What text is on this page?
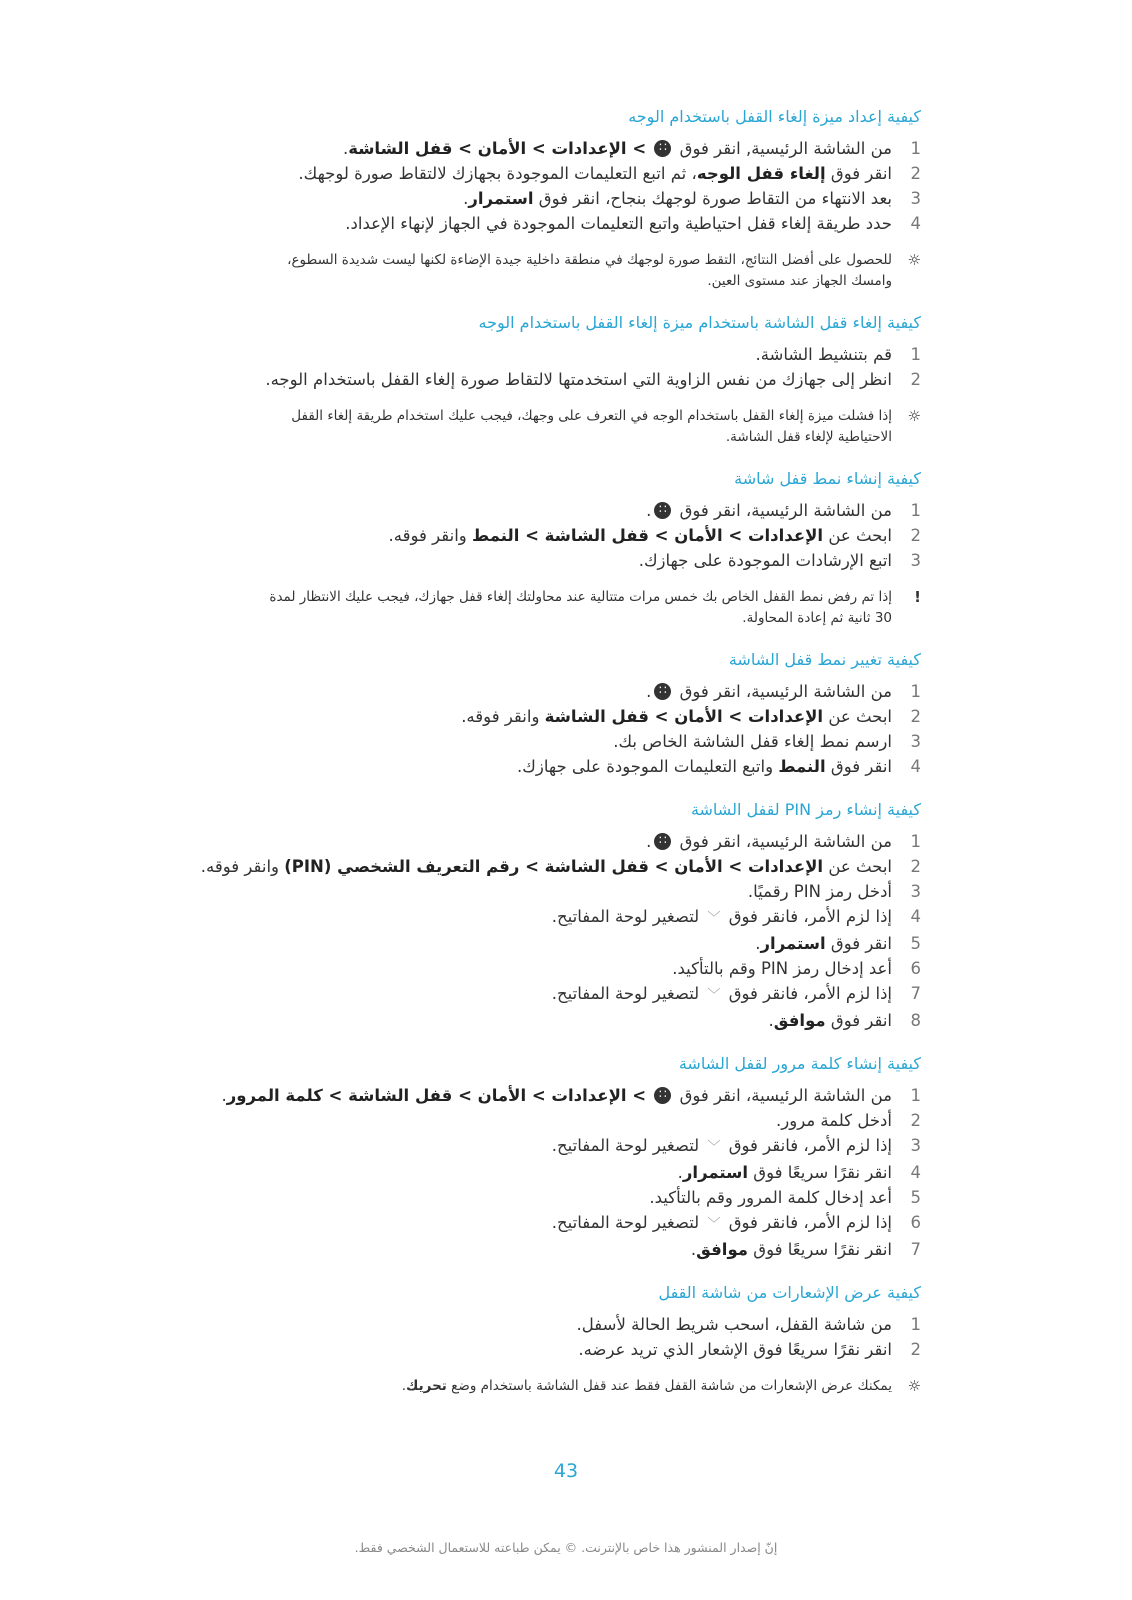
كيفية إعداد ميزة إلغاء القفل باستخدام الوجه
1
من الشاشة الرئيسية, انقر فوق ∷ > الإعدادات > الأمان > قفل الشاشة.
2
انقر فوق إلغاء قفل الوجه، ثم اتبع التعليمات الموجودة بجهازك لالتقاط صورة لوجهك.
3
بعد الانتهاء من التقاط صورة لوجهك بنجاح، انقر فوق استمرار.
4
حدد طريقة إلغاء قفل احتياطية واتبع التعليمات الموجودة في الجهاز لإنهاء الإعداد.
☼
للحصول على أفضل النتائج، التقط صورة لوجهك في منطقة داخلية جيدة الإضاءة لكنها ليست شديدة السطوع،
وامسك الجهاز عند مستوى العين.
كيفية إلغاء قفل الشاشة باستخدام ميزة إلغاء القفل باستخدام الوجه
1
قم بتنشيط الشاشة.
2
انظر إلى جهازك من نفس الزاوية التي استخدمتها لالتقاط صورة إلغاء القفل باستخدام الوجه.
☼
إذا فشلت ميزة إلغاء القفل باستخدام الوجه في التعرف على وجهك، فيجب عليك استخدام طريقة إلغاء القفل
الاحتياطية لإلغاء قفل الشاشة.
كيفية إنشاء نمط قفل شاشة
1
من الشاشة الرئيسية، انقر فوق ∷.
2
ابحث عن الإعدادات > الأمان > قفل الشاشة > النمط وانقر فوقه.
3
اتبع الإرشادات الموجودة على جهازك.
!
إذا تم رفض نمط القفل الخاص بك خمس مرات متتالية عند محاولتك إلغاء قفل جهازك، فيجب عليك الانتظار لمدة
30 ثانية ثم إعادة المحاولة.
كيفية تغيير نمط قفل الشاشة
1
من الشاشة الرئيسية، انقر فوق ∷.
2
ابحث عن الإعدادات > الأمان > قفل الشاشة وانقر فوقه.
3
ارسم نمط إلغاء قفل الشاشة الخاص بك.
4
انقر فوق النمط واتبع التعليمات الموجودة على جهازك.
كيفية إنشاء رمز PIN لقفل الشاشة
1
من الشاشة الرئيسية، انقر فوق ∷.
2
ابحث عن الإعدادات > الأمان > قفل الشاشة > رقم التعريف الشخصي (PIN) وانقر فوقه.
3
أدخل رمز PIN رقميًا.
4
إذا لزم الأمر، فانقر فوق ﹀ لتصغير لوحة المفاتيح.
5
انقر فوق استمرار.
6
أعد إدخال رمز PIN وقم بالتأكيد.
7
إذا لزم الأمر، فانقر فوق ﹀ لتصغير لوحة المفاتيح.
8
انقر فوق موافق.
كيفية إنشاء كلمة مرور لقفل الشاشة
1
من الشاشة الرئيسية، انقر فوق ∷ > الإعدادات > الأمان > قفل الشاشة > كلمة المرور.
2
أدخل كلمة مرور.
3
إذا لزم الأمر، فانقر فوق ﹀ لتصغير لوحة المفاتيح.
4
انقر نقرًا سريعًا فوق استمرار.
5
أعد إدخال كلمة المرور وقم بالتأكيد.
6
إذا لزم الأمر، فانقر فوق ﹀ لتصغير لوحة المفاتيح.
7
انقر نقرًا سريعًا فوق موافق.
كيفية عرض الإشعارات من شاشة القفل
1
من شاشة القفل، اسحب شريط الحالة لأسفل.
2
انقر نقرًا سريعًا فوق الإشعار الذي تريد عرضه.
☼
يمكنك عرض الإشعارات من شاشة القفل فقط عند قفل الشاشة باستخدام وضع تحريك.
43
إنّ إصدار المنشور هذا خاص بالإنترنت. © يمكن طباعته للاستعمال الشخصي فقط.
